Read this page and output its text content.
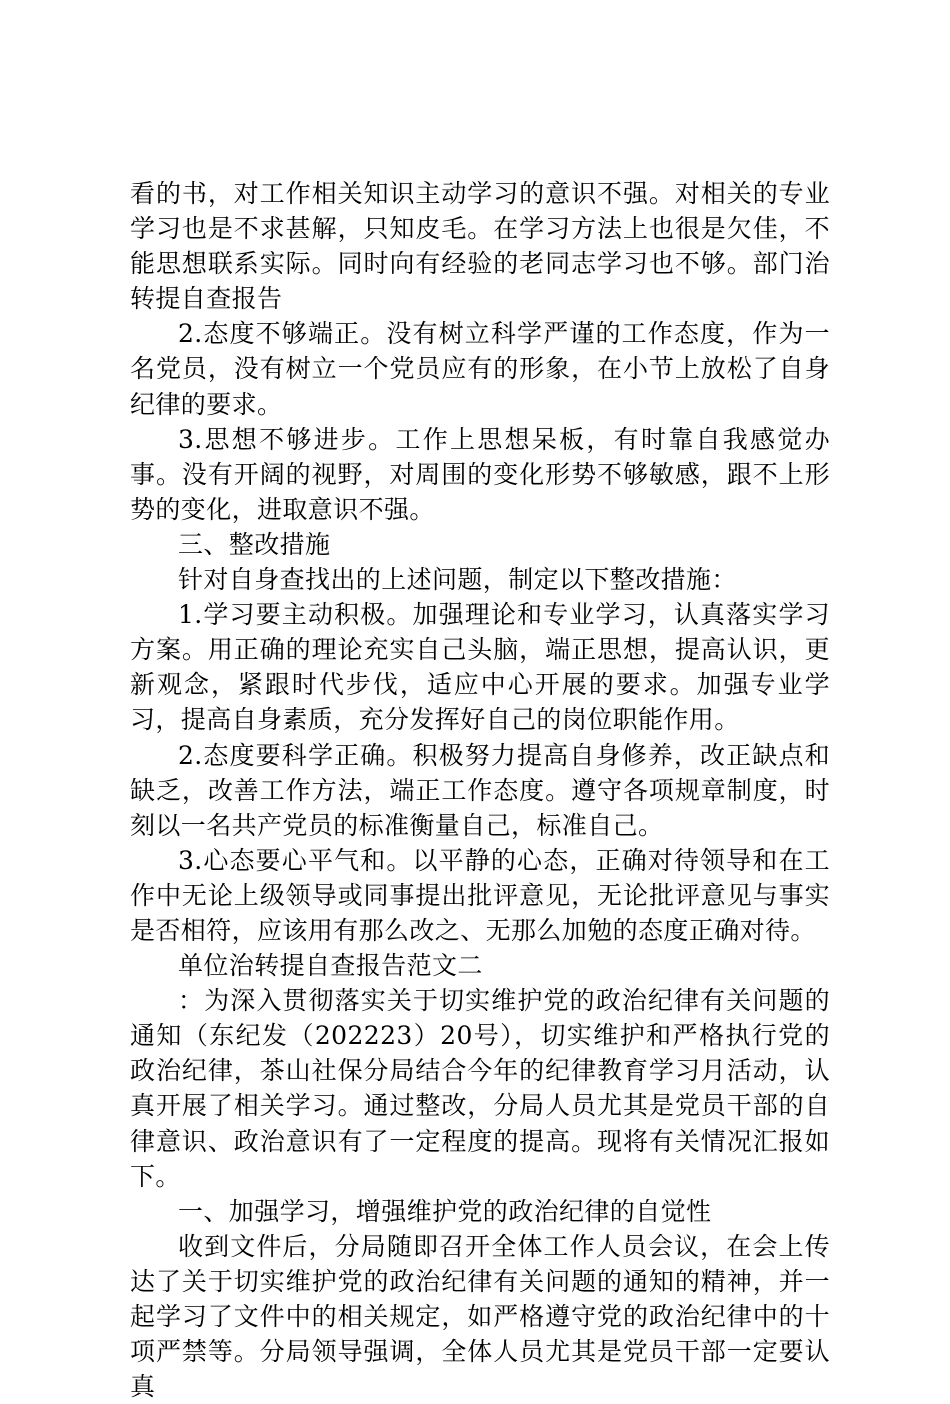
看的书，对工作相关知识主动学习的意识不强。对相关的专业学习也是不求甚解，只知皮毛。在学习方法上也很是欠佳，不能思想联系实际。同时向有经验的老同志学习也不够。部门治转提自查报告

2.态度不够端正。没有树立科学严谨的工作态度，作为一名党员，没有树立一个党员应有的形象，在小节上放松了自身纪律的要求。

3.思想不够进步。工作上思想呆板，有时靠自我感觉办事。没有开阔的视野，对周围的变化形势不够敏感，跟不上形势的变化，进取意识不强。

三、整改措施

针对自身查找出的上述问题，制定以下整改措施：

1.学习要主动积极。加强理论和专业学习，认真落实学习方案。用正确的理论充实自己头脑，端正思想，提高认识，更新观念，紧跟时代步伐，适应中心开展的要求。加强专业学习，提高自身素质，充分发挥好自己的岗位职能作用。

2.态度要科学正确。积极努力提高自身修养，改正缺点和缺乏，改善工作方法，端正工作态度。遵守各项规章制度，时刻以一名共产党员的标准衡量自己，标准自己。

3.心态要心平气和。以平静的心态，正确对待领导和在工作中无论上级领导或同事提出批评意见，无论批评意见与事实是否相符，应该用有那么改之、无那么加勉的态度正确对待。

单位治转提自查报告范文二

：为深入贯彻落实关于切实维护党的政治纪律有关问题的通知（东纪发（202223）20号），切实维护和严格执行党的政治纪律，茶山社保分局结合今年的纪律教育学习月活动，认真开展了相关学习。通过整改，分局人员尤其是党员干部的自律意识、政治意识有了一定程度的提高。现将有关情况汇报如下。

一、加强学习，增强维护党的政治纪律的自觉性

收到文件后，分局随即召开全体工作人员会议，在会上传达了关于切实维护党的政治纪律有关问题的通知的精神，并一起学习了文件中的相关规定，如严格遵守党的政治纪律中的十项严禁等。分局领导强调，全体人员尤其是党员干部一定要认真
